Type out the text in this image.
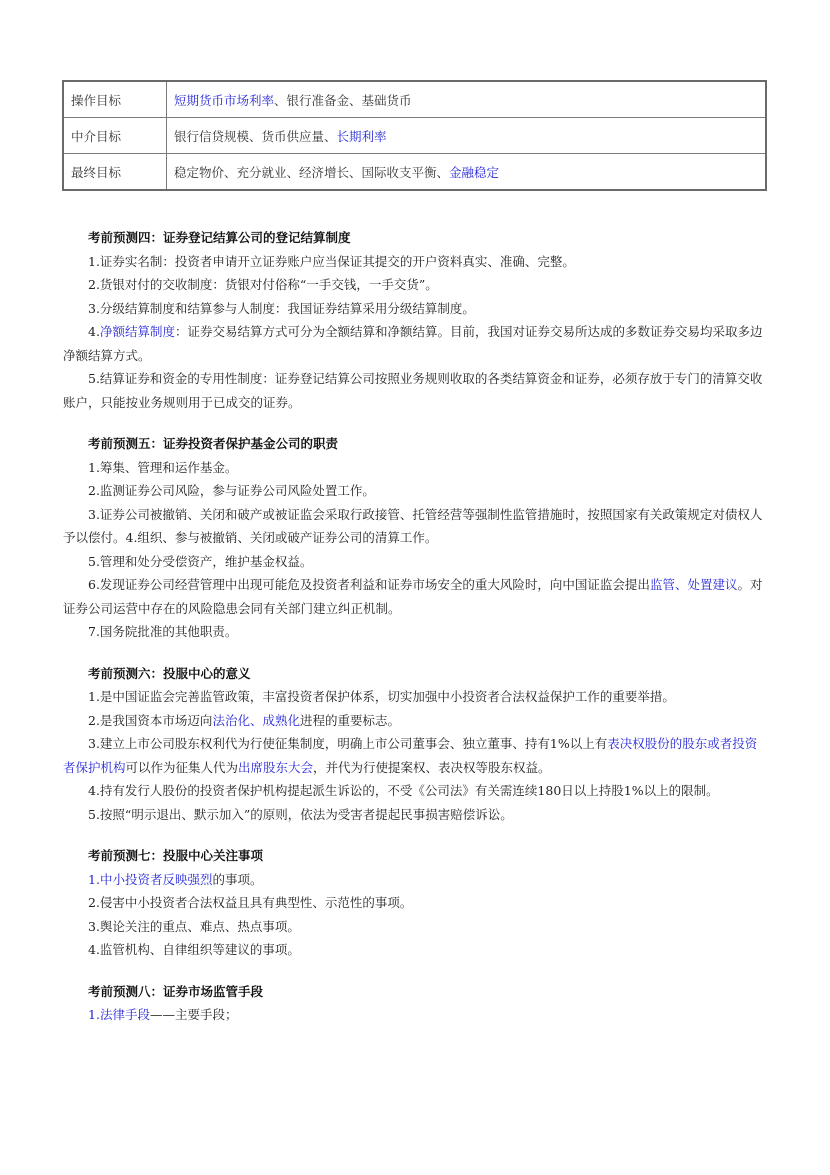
操作目标	短期货币市场利率、银行准备金、基础货币
中介目标	银行信贷规模、货币供应量、长期利率
最终目标	稳定物价、充分就业、经济增长、国际收支平衡、金融稳定

考前预测四：证券登记结算公司的登记结算制度

1.证券实名制：投资者申请开立证券账户应当保证其提交的开户资料真实、准确、完整。

2.货银对付的交收制度：货银对付俗称“一手交钱，一手交货”。

3.分级结算制度和结算参与人制度：我国证券结算采用分级结算制度。

4.净额结算制度：证券交易结算方式可分为全额结算和净额结算。目前，我国对证券交易所达成的多数证券交易均采取多边净额结算方式。

5.结算证券和资金的专用性制度：证券登记结算公司按照业务规则收取的各类结算资金和证券，必须存放于专门的清算交收账户，只能按业务规则用于已成交的证券。

考前预测五：证券投资者保护基金公司的职责

1.筹集、管理和运作基金。

2.监测证券公司风险，参与证券公司风险处置工作。

3.证券公司被撤销、关闭和破产或被证监会采取行政接管、托管经营等强制性监管措施时，按照国家有关政策规定对债权人予以偿付。4.组织、参与被撤销、关闭或破产证券公司的清算工作。

5.管理和处分受偿资产，维护基金权益。

6.发现证券公司经营管理中出现可能危及投资者利益和证券市场安全的重大风险时，向中国证监会提出监管、处置建议。对证券公司运营中存在的风险隐患会同有关部门建立纠正机制。

7.国务院批准的其他职责。

考前预测六：投服中心的意义

1.是中国证监会完善监管政策，丰富投资者保护体系，切实加强中小投资者合法权益保护工作的重要举措。

2.是我国资本市场迈向法治化、成熟化进程的重要标志。

3.建立上市公司股东权利代为行使征集制度，明确上市公司董事会、独立董事、持有1%以上有表决权股份的股东或者投资者保护机构可以作为征集人代为出席股东大会，并代为行使提案权、表决权等股东权益。

4.持有发行人股份的投资者保护机构提起派生诉讼的，不受《公司法》有关需连续180日以上持股1%以上的限制。

5.按照“明示退出、默示加入”的原则，依法为受害者提起民事损害赔偿诉讼。

考前预测七：投服中心关注事项

1.中小投资者反映强烈的事项。

2.侵害中小投资者合法权益且具有典型性、示范性的事项。

3.舆论关注的重点、难点、热点事项。

4.监管机构、自律组织等建议的事项。

考前预测八：证券市场监管手段

1.法律手段——主要手段；
